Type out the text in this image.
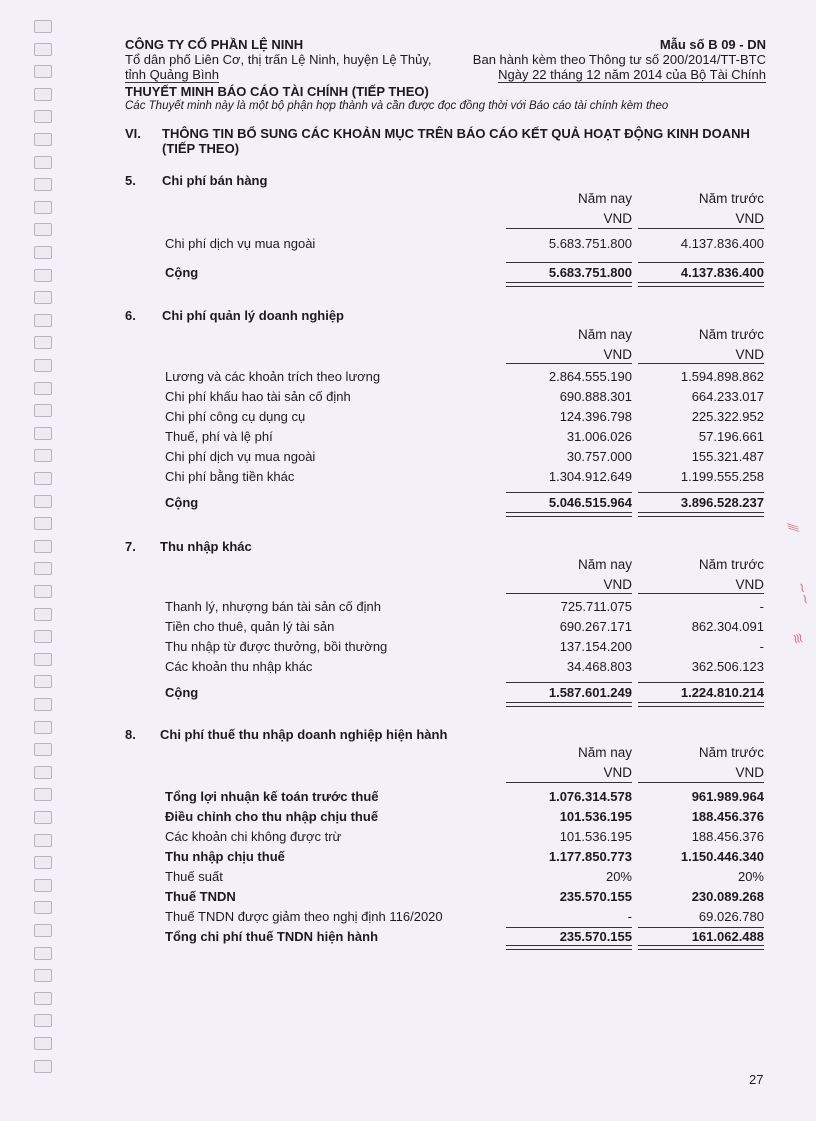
CÔNG TY CỔ PHẦN LỆ NINH
Tổ dân phố Liên Cơ, thị trấn Lệ Ninh, huyện Lệ Thủy,
tỉnh Quảng Bình
Mẫu số B 09 - DN
Ban hành kèm theo Thông tư số 200/2014/TT-BTC
Ngày 22 tháng 12 năm 2014 của Bộ Tài Chính
THUYẾT MINH BÁO CÁO TÀI CHÍNH (TIẾP THEO)
Các Thuyết minh này là một bộ phận hợp thành và cần được đọc đồng thời với Báo cáo tài chính kèm theo
VI. THÔNG TIN BỔ SUNG CÁC KHOẢN MỤC TRÊN BÁO CÁO KẾT QUẢ HOẠT ĐỘNG KINH DOANH
(TIẾP THEO)
5. Chi phí bán hàng
Năm nay
VND
Năm trước
VND
Chi phí dịch vụ mua ngoài	5.683.751.800	4.137.836.400
Cộng	5.683.751.800	4.137.836.400
6. Chi phí quản lý doanh nghiệp
Năm nay
VND
Năm trước
VND
Lương và các khoản trích theo lương	2.864.555.190	1.594.898.862
Chi phí khấu hao tài sản cố định	690.888.301	664.233.017
Chi phí công cụ dụng cụ	124.396.798	225.322.952
Thuế, phí và lệ phí	31.006.026	57.196.661
Chi phí dịch vụ mua ngoài	30.757.000	155.321.487
Chi phí bằng tiền khác	1.304.912.649	1.199.555.258
Cộng	5.046.515.964	3.896.528.237
7. Thu nhập khác
Năm nay
VND
Năm trước
VND
Thanh lý, nhượng bán tài sản cố định	725.711.075	-
Tiền cho thuê, quản lý tài sản	690.267.171	862.304.091
Thu nhập từ được thưởng, bồi thường	137.154.200	-
Các khoản thu nhập khác	34.468.803	362.506.123
Cộng	1.587.601.249	1.224.810.214
8. Chi phí thuế thu nhập doanh nghiệp hiện hành
Năm nay
VND
Năm trước
VND
Tổng lợi nhuận kế toán trước thuế	1.076.314.578	961.989.964
Điều chỉnh cho thu nhập chịu thuế	101.536.195	188.456.376
Các khoản chi không được trừ	101.536.195	188.456.376
Thu nhập chịu thuế	1.177.850.773	1.150.446.340
Thuế suất	20%	20%
Thuế TNDN	235.570.155	230.089.268
Thuế TNDN được giảm theo nghị định 116/2020	-	69.026.780
Tổng chi phí thuế TNDN hiện hành	235.570.155	161.062.488
⁄⁄⁄
∼∼
≋
27
